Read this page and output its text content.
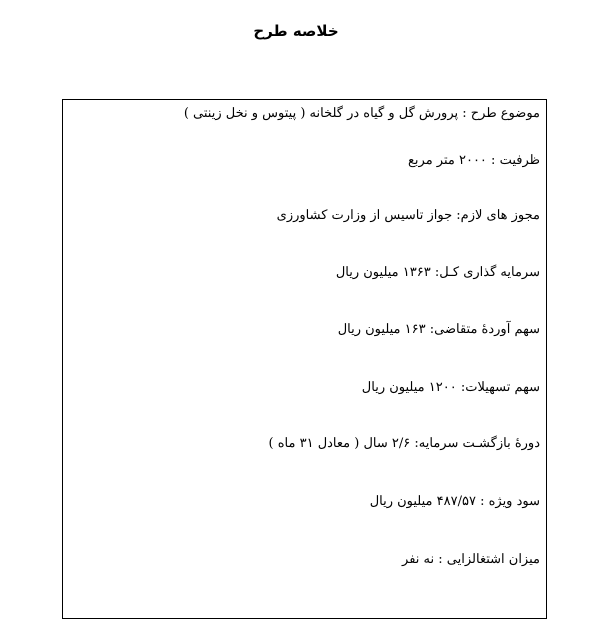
خلاصه طرح
موضوع طرح : پرورش گل و گیاه در گلخانه ( پیتوس و نخل زینتی )
ظرفیت : ۲۰۰۰ متر مربع
مجوز های لازم: جواز تاسیس از وزارت کشاورزی
سرمایه گذاری کـل: ۱۳۶۳ میلیون ریال
سهم آوردهٔ متقاضی: ۱۶۳ میلیون ریال
سهم تسهیلات: ۱۲۰۰ میلیون ریال
دورهٔ بازگشـت سرمایه: ۲/۶ سال ( معادل ۳۱ ماه )
سود ویژه : ۴۸۷/۵۷ میلیون ریال
میزان اشتغالزایی : نه نفر
